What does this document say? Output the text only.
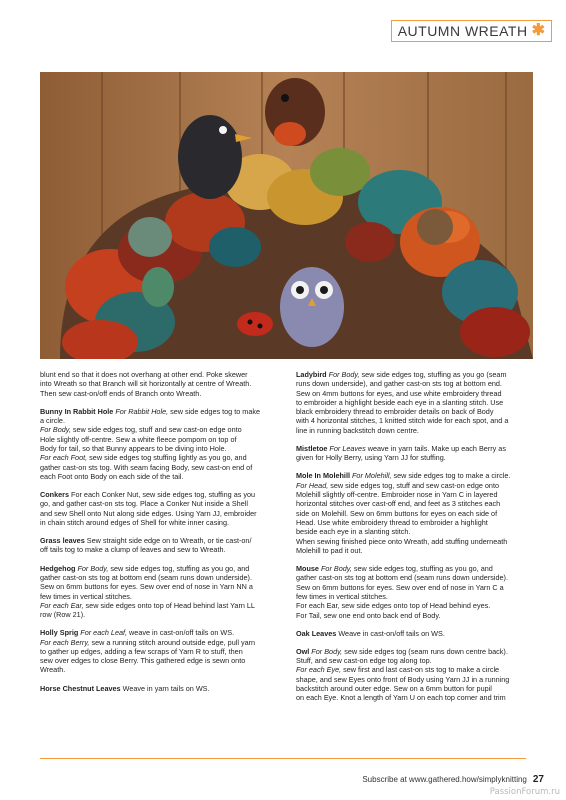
AUTUMN WREATH ✱
blunt end so that it does not overhang at other end. Poke skewer
into Wreath so that Branch will sit horizontally at centre of Wreath.
Then sew cast-on/off ends of Branch onto Wreath.
Bunny In Rabbit Hole For Rabbit Hole, sew side edges tog to make
a circle.
For Body, sew side edges tog, stuff and sew cast-on edge onto
Hole slightly off-centre. Sew a white fleece pompom on top of
Body for tail, so that Bunny appears to be diving into Hole.
For each Foot, sew side edges tog stuffing lightly as you go, and
gather cast-on sts tog. With seam facing Body, sew cast-on end of
each Foot onto Body on each side of the tail.
Conkers For each Conker Nut, sew side edges tog, stuffing as you
go, and gather cast-on sts tog. Place a Conker Nut inside a Shell
and sew Shell onto Nut along side edges. Using Yarn JJ, embroider
in chain stitch around edges of Shell for white inner casing.
Grass leaves Sew straight side edge on to Wreath, or tie cast-on/
off tails tog to make a clump of leaves and sew to Wreath.
Hedgehog For Body, sew side edges tog, stuffing as you go, and
gather cast-on sts tog at bottom end (seam runs down underside).
Sew on 6mm buttons for eyes. Sew over end of nose in Yarn NN a
few times in vertical stitches.
For each Ear, sew side edges onto top of Head behind last Yarn LL
row (Row 21).
Holly Sprig For each Leaf, weave in cast-on/off tails on WS.
For each Berry, sew a running stitch around outside edge, pull yarn
to gather up edges, adding a few scraps of Yarn R to stuff, then
sew over edges to close Berry. This gathered edge is sewn onto
Wreath.
Horse Chestnut Leaves Weave in yarn tails on WS.
Ladybird For Body, sew side edges tog, stuffing as you go (seam
runs down underside), and gather cast-on sts tog at bottom end.
Sew on 4mm buttons for eyes, and use white embroidery thread
to embroider a highlight beside each eye in a slanting stitch. Use
black embroidery thread to embroider details on back of Body
with 4 horizontal stitches, 1 knitted stitch wide for each spot, and a
line in running backstitch down centre.
Mistletoe For Leaves weave in yarn tails. Make up each Berry as
given for Holly Berry, using Yarn JJ for stuffing.
Mole In Molehill For Molehill, sew side edges tog to make a circle.
For Head, sew side edges tog, stuff and sew cast-on edge onto
Molehill slightly off-centre. Embroider nose in Yarn C in layered
horizontal stitches over cast-off end, and feet as 3 stitches each
side on Molehill. Sew on 6mm buttons for eyes on each side of
Head. Use white embroidery thread to embroider a highlight
beside each eye in a slanting stitch.
When sewing finished piece onto Wreath, add stuffing underneath
Molehill to pad it out.
Mouse For Body, sew side edges tog, stuffing as you go, and
gather cast-on sts tog at bottom end (seam runs down underside).
Sew on 6mm buttons for eyes. Sew over end of nose in Yarn C a
few times in vertical stitches.
For each Ear, sew side edges onto top of Head behind eyes.
For Tail, sew one end onto back end of Body.
Oak Leaves Weave in cast-on/off tails on WS.
Owl For Body, sew side edges tog (seam runs down centre back).
Stuff, and sew cast-on edge tog along top.
For each Eye, sew first and last cast-on sts tog to make a circle
shape, and sew Eyes onto front of Body using Yarn JJ in a running
backstitch around outer edge. Sew on a 6mm button for pupil
on each Eye. Knot a length of Yarn U on each top corner and trim
Subscribe at www.gathered.how/simplyknitting 27
PassionForum.ru
